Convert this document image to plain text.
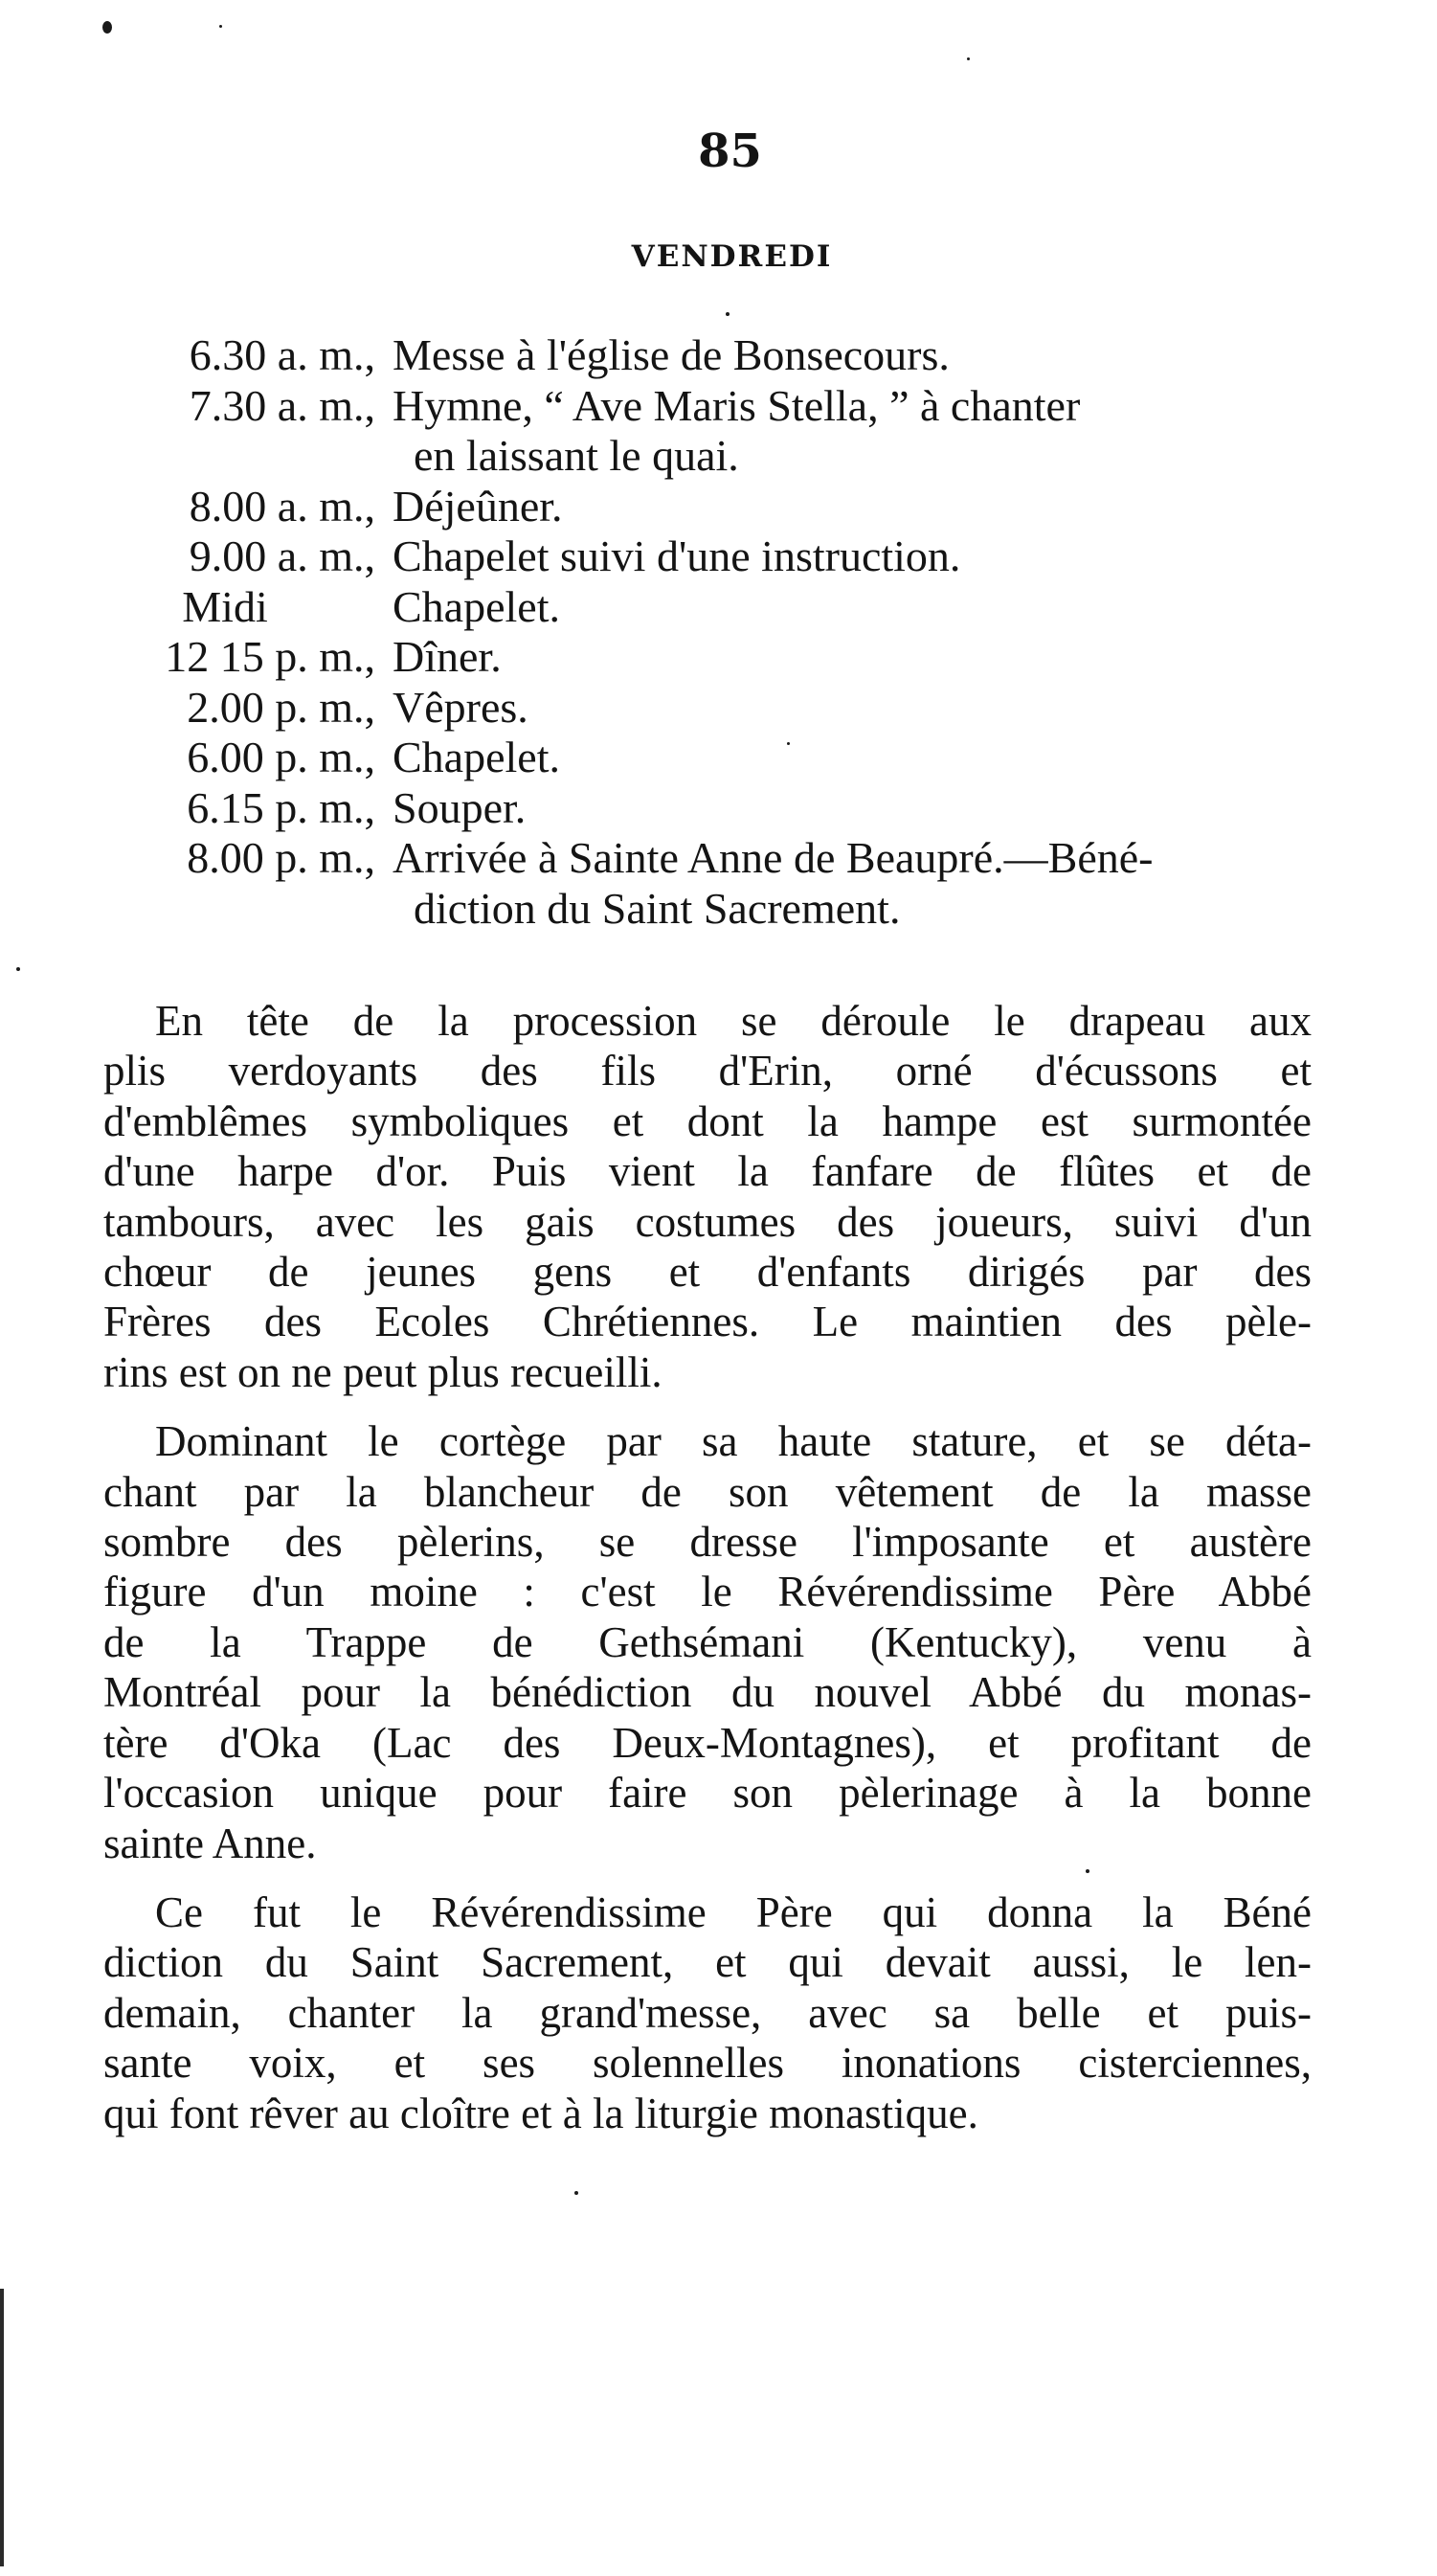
85
VENDREDI
6.30 a. m., Messe à l'église de Bonsecours.
7.30 a. m., Hymne, “ Ave Maris Stella, ” à chanter
en laissant le quai.
8.00 a. m., Déjeûner.
9.00 a. m., Chapelet suivi d'une instruction.
Midi	Chapelet.
12 15 p. m., Dîner.
2.00 p. m., Vêpres.
6.00 p. m., Chapelet.
6.15 p. m., Souper.
8.00 p. m., Arrivée à Sainte Anne de Beaupré.—Béné-
diction du Saint Sacrement.
En tête de la procession se déroule le drapeau aux
plis verdoyants des fils d'Erin, orné d'écussons et
d'emblêmes symboliques et dont la hampe est surmontée
d'une harpe d'or. Puis vient la fanfare de flûtes et de
tambours, avec les gais costumes des joueurs, suivi d'un
chœur de jeunes gens et d'enfants dirigés par des
Frères des Ecoles Chrétiennes. Le maintien des pèle-
rins est on ne peut plus recueilli.
Dominant le cortège par sa haute stature, et se déta-
chant par la blancheur de son vêtement de la masse
sombre des pèlerins, se dresse l'imposante et austère
figure d'un moine : c'est le Révérendissime Père Abbé
de la Trappe de Gethsémani (Kentucky), venu à
Montréal pour la bénédiction du nouvel Abbé du monas-
tère d'Oka (Lac des Deux-Montagnes), et profitant de
l'occasion unique pour faire son pèlerinage à la bonne
sainte Anne.
Ce fut le Révérendissime Père qui donna la Béné
diction du Saint Sacrement, et qui devait aussi, le len-
demain, chanter la grand'messe, avec sa belle et puis-
sante voix, et ses solennelles inonations cisterciennes,
qui font rêver au cloître et à la liturgie monastique.
